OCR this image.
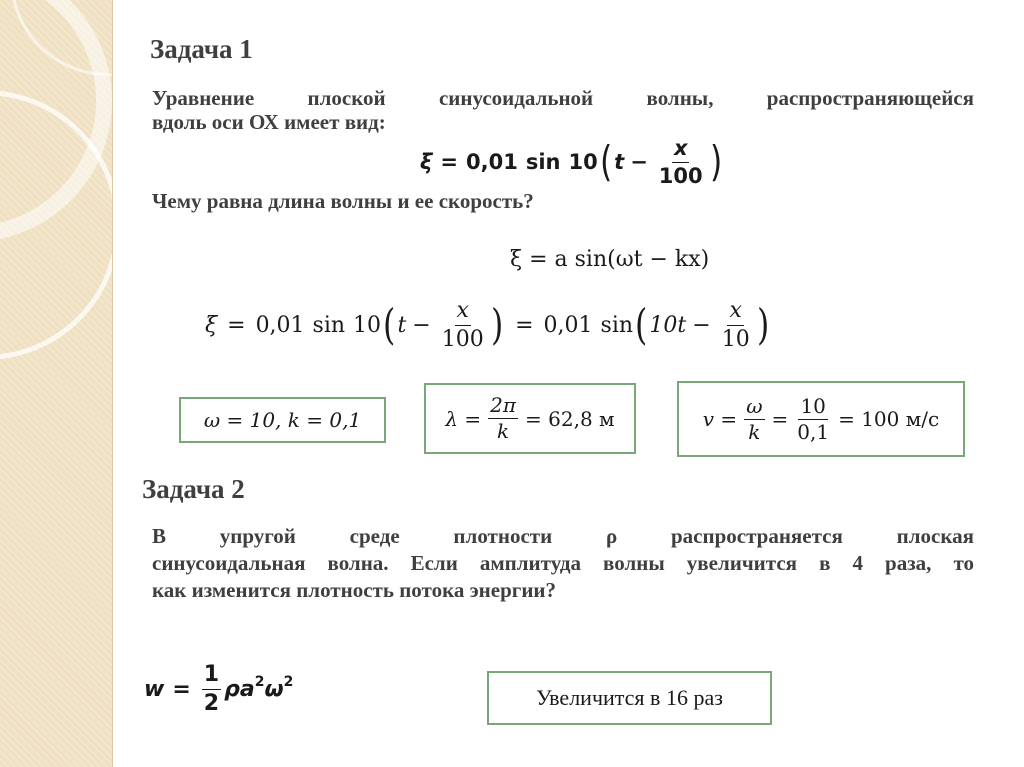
Задача 1
Уравнение плоской синусоидальной волны, распространяющейся
вдоль оси ОХ имеет вид:
ξ = 0,01 sin 10 ( $t - \frac{x}{100}$ )
Чему равна длина волны и ее скорость?
ξ = a sin(ωt − kx)
ξ = 0,01 sin 10 ( $t - \frac{x}{100}$ ) = 0,01 sin ( $10t - \frac{x}{10}$ )
ω = 10, k = 0,1	$\lambda = \frac{2\pi}{k} = 62,8$ м	$v = \frac{\omega}{k} = \frac{10}{0,1} = 100$ м/с
Задача 2
В упругой среде плотности ρ распространяется плоская
синусоидальная волна. Если амплитуда волны увеличится в 4 раза, то
как изменится плотность потока энергии?
$w = \frac{1}{2}$ ρ $a^2$ $\omega^2$
Увеличится в 16 раз
